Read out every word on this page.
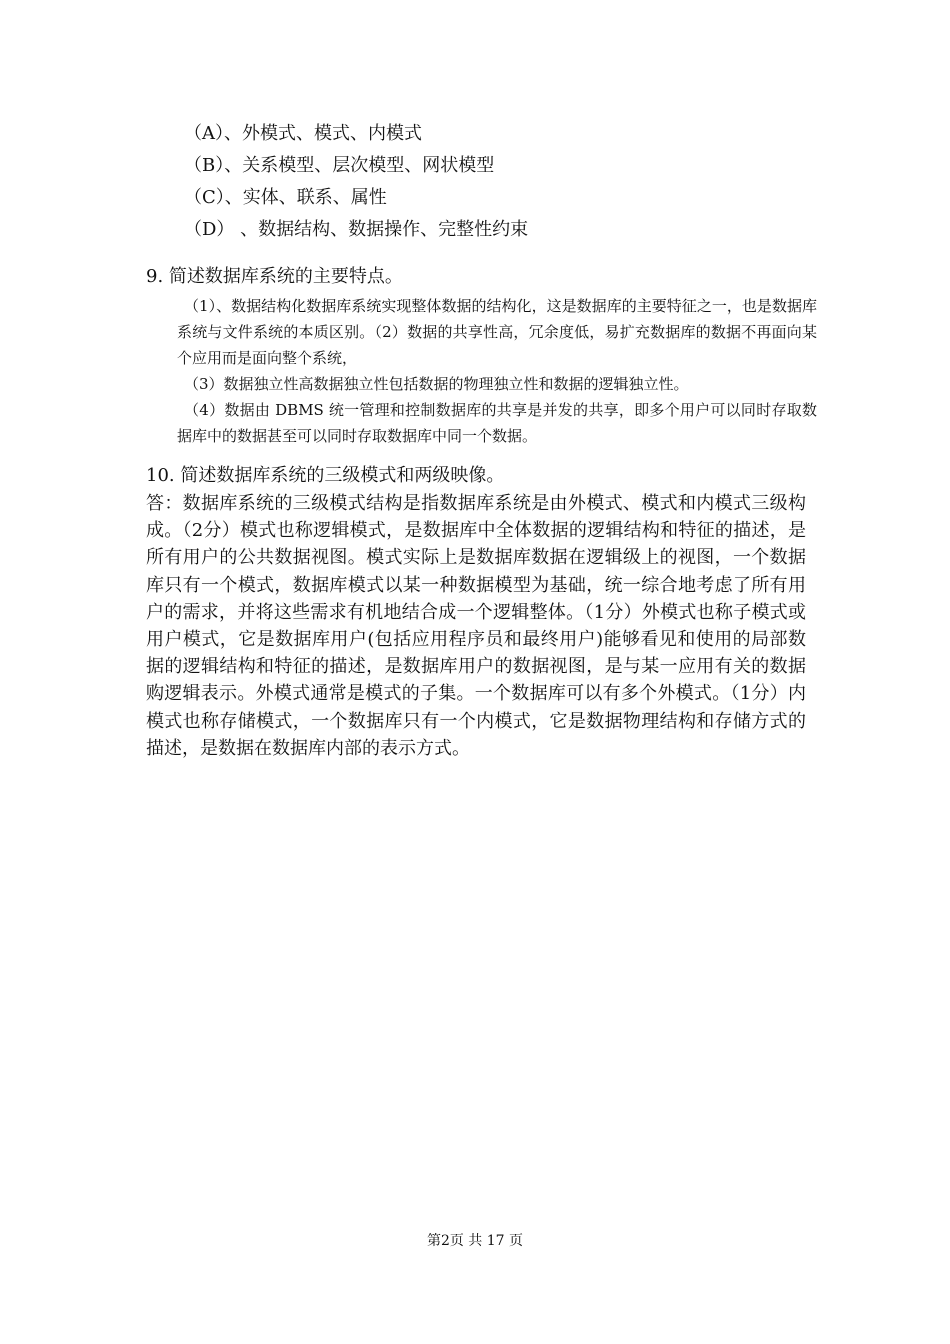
（A）、外模式、模式、内模式
（B）、关系模型、层次模型、网状模型
（C）、实体、联系、属性
（D） 、数据结构、数据操作、完整性约束
9. 简述数据库系统的主要特点。
（1）、数据结构化数据库系统实现整体数据的结构化，这是数据库的主要特征之一，也是数据库系统与文件系统的本质区别。（2）数据的共享性高，冗余度低，易扩充数据库的数据不再面向某个应用而是面向整个系统，
（3）数据独立性高数据独立性包括数据的物理独立性和数据的逻辑独立性。
（4）数据由 DBMS 统一管理和控制数据库的共享是并发的共享，即多个用户可以同时存取数据库中的数据甚至可以同时存取数据库中同一个数据。
10. 简述数据库系统的三级模式和两级映像。
答：数据库系统的三级模式结构是指数据库系统是由外模式、模式和内模式三级构成。（2分）模式也称逻辑模式，是数据库中全体数据的逻辑结构和特征的描述，是所有用户的公共数据视图。模式实际上是数据库数据在逻辑级上的视图，一个数据库只有一个模式，数据库模式以某一种数据模型为基础，统一综合地考虑了所有用户的需求，并将这些需求有机地结合成一个逻辑整体。（1分）外模式也称子模式或用户模式，它是数据库用户(包括应用程序员和最终用户)能够看见和使用的局部数据的逻辑结构和特征的描述，是数据库用户的数据视图，是与某一应用有关的数据购逻辑表示。外模式通常是模式的子集。一个数据库可以有多个外模式。（1分）内模式也称存储模式，一个数据库只有一个内模式，它是数据物理结构和存储方式的描述，是数据在数据库内部的表示方式。
第2页 共 17 页
